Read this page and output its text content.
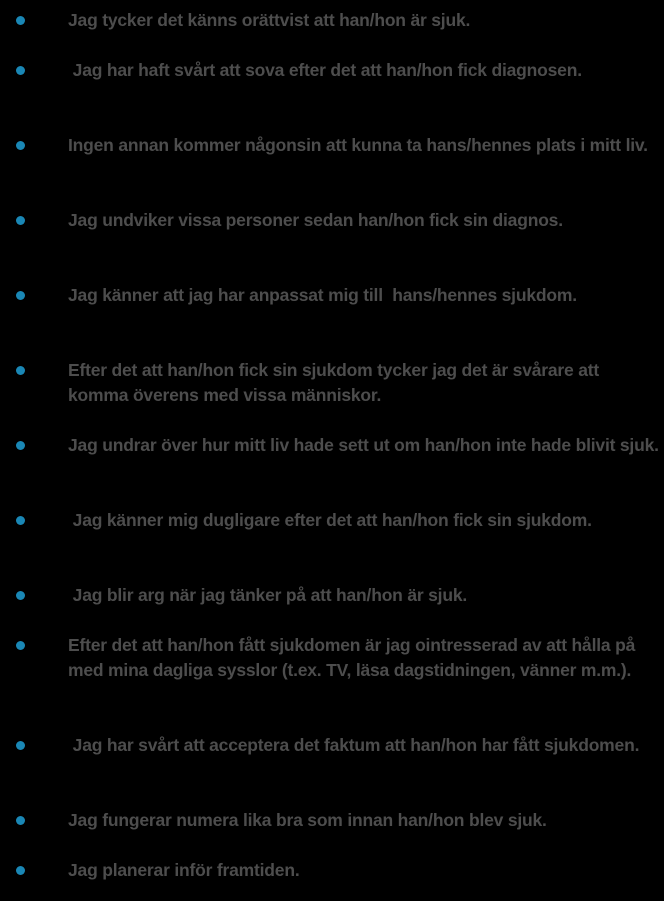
Jag tycker det känns orättvist att han/hon är sjuk.
Jag har haft svårt att sova efter det att han/hon fick diagnosen.
Ingen annan kommer någonsin att kunna ta hans/hennes plats i mitt liv.
Jag undviker vissa personer sedan han/hon fick sin diagnos.
Jag känner att jag har anpassat mig till  hans/hennes sjukdom.
Efter det att han/hon fick sin sjukdom tycker jag det är svårare att komma överens med vissa människor.
Jag undrar över hur mitt liv hade sett ut om han/hon inte hade blivit sjuk.
Jag känner mig dugligare efter det att han/hon fick sin sjukdom.
Jag blir arg när jag tänker på att han/hon är sjuk.
Efter det att han/hon fått sjukdomen är jag ointresserad av att hålla på med mina dagliga sysslor (t.ex. TV, läsa dagstidningen, vänner m.m.).
Jag har svårt att acceptera det faktum att han/hon har fått sjukdomen.
Jag fungerar numera lika bra som innan han/hon blev sjuk.
Jag planerar inför framtiden.
